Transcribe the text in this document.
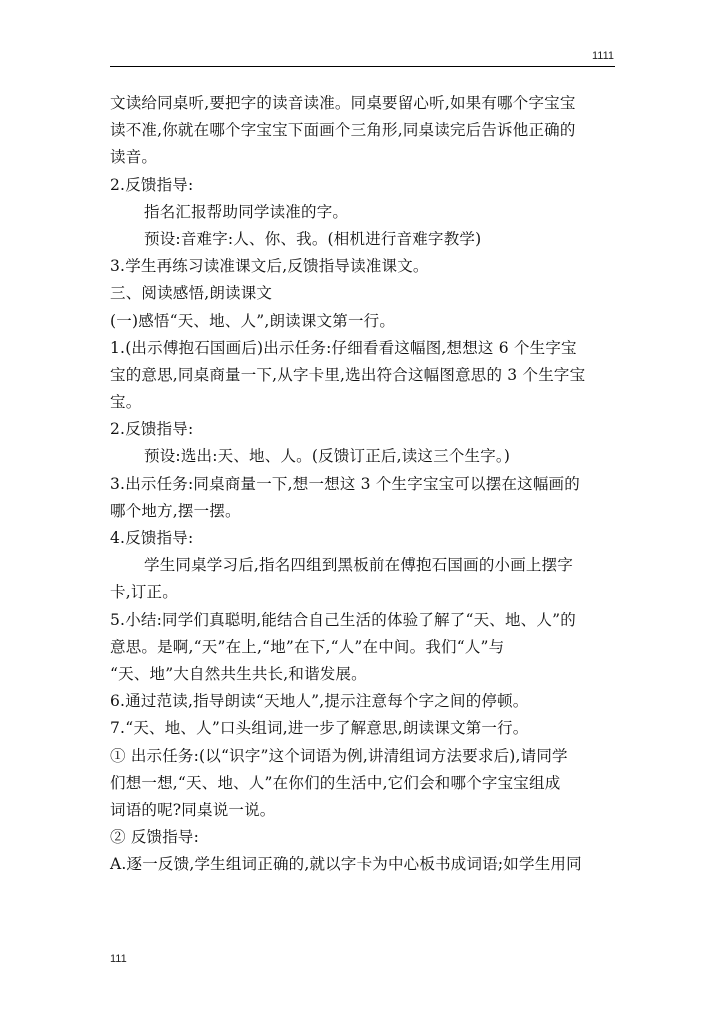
1111
文读给同桌听,要把字的读音读准。同桌要留心听,如果有哪个字宝宝
读不准,你就在哪个字宝宝下面画个三角形,同桌读完后告诉他正确的
读音。
2.反馈指导:
指名汇报帮助同学读准的字。
预设:音难字:人、你、我。(相机进行音难字教学)
3.学生再练习读准课文后,反馈指导读准课文。
三、阅读感悟,朗读课文
(一)感悟“天、地、人”,朗读课文第一行。
1.(出示傅抱石国画后)出示任务:仔细看看这幅图,想想这 6 个生字宝
宝的意思,同桌商量一下,从字卡里,选出符合这幅图意思的 3 个生字宝
宝。
2.反馈指导:
预设:选出:天、地、人。(反馈订正后,读这三个生字。)
3.出示任务:同桌商量一下,想一想这 3 个生字宝宝可以摆在这幅画的
哪个地方,摆一摆。
4.反馈指导:
学生同桌学习后,指名四组到黑板前在傅抱石国画的小画上摆字
卡,订正。
5.小结:同学们真聪明,能结合自己生活的体验了解了“天、地、人”的
意思。是啊,“天”在上,“地”在下,“人”在中间。我们“人”与
“天、地”大自然共生共长,和谐发展。
6.通过范读,指导朗读“天地人”,提示注意每个字之间的停顿。
7.“天、地、人”口头组词,进一步了解意思,朗读课文第一行。
① 出示任务:(以“识字”这个词语为例,讲清组词方法要求后),请同学
们想一想,“天、地、人”在你们的生活中,它们会和哪个字宝宝组成
词语的呢?同桌说一说。
② 反馈指导:
A.逐一反馈,学生组词正确的,就以字卡为中心板书成词语;如学生用同
111
